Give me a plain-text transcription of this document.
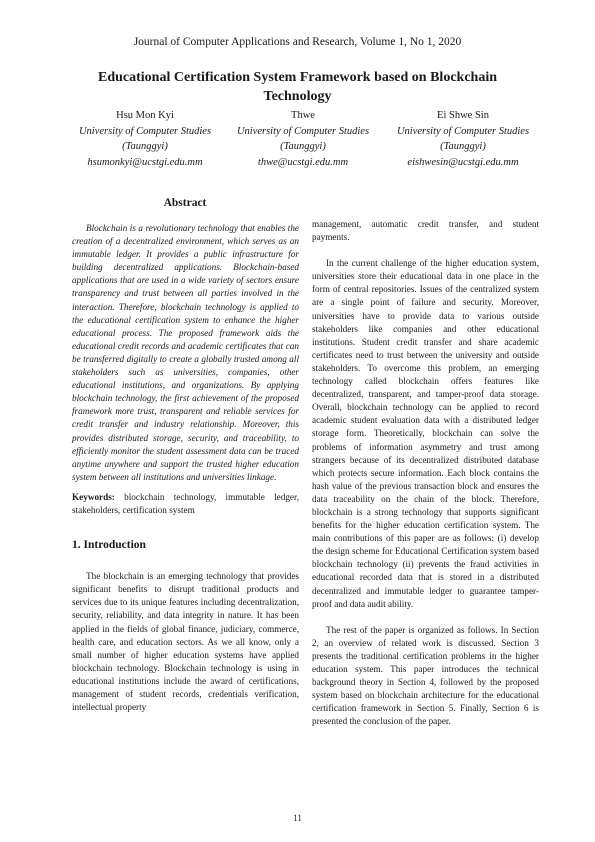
Journal of Computer Applications and Research, Volume 1, No 1, 2020
Educational Certification System Framework based on Blockchain Technology
Hsu Mon Kyi
University of Computer Studies
(Taunggyi)
hsumonkyi@ucstgi.edu.mm
Thwe
University of Computer Studies
(Taunggyi)
thwe@ucstgi.edu.mm
Ei Shwe Sin
University of Computer Studies
(Taunggyi)
eishwesin@ucstgi.edu.mm
Abstract

Blockchain is a revolutionary technology that enables the creation of a decentralized environment, which serves as an immutable ledger. It provides a public infrastructure for building decentralized applications. Blockchain-based applications that are used in a wide variety of sectors ensure transparency and trust between all parties involved in the interaction. Therefore, blockchain technology is applied to the educational certification system to enhance the higher educational process. The proposed framework aids the educational credit records and academic certificates that can be transferred digitally to create a globally trusted among all stakeholders such as universities, companies, other educational institutions, and organizations. By applying blockchain technology, the first achievement of the proposed framework more trust, transparent and reliable services for credit transfer and industry relationship. Moreover, this provides distributed storage, security, and traceability, to efficiently monitor the student assessment data can be traced anytime anywhere and support the trusted higher education system between all institutions and universities linkage.

Keywords: blockchain technology, immutable ledger, stakeholders, certification system

1. Introduction

The blockchain is an emerging technology that provides significant benefits to disrupt traditional products and services due to its unique features including decentralization, security, reliability, and data integrity in nature. It has been applied in the fields of global finance, judiciary, commerce, health care, and education sectors. As we all know, only a small number of higher education systems have applied blockchain technology. Blockchain technology is using in educational institutions include the award of certifications, management of student records, credentials verification, intellectual property

management, automatic credit transfer, and student payments.

In the current challenge of the higher education system, universities store their educational data in one place in the form of central repositories. Issues of the centralized system are a single point of failure and security. Moreover, universities have to provide data to various outside stakeholders like companies and other educational institutions. Student credit transfer and share academic certificates need to trust between the university and outside stakeholders. To overcome this problem, an emerging technology called blockchain offers features like decentralized, transparent, and tamper-proof data storage. Overall, blockchain technology can be applied to record academic student evaluation data with a distributed ledger storage form. Theoretically, blockchain can solve the problems of information asymmetry and trust among strangers because of its decentralized distributed database which protects secure information. Each block contains the hash value of the previous transaction block and ensures the data traceability on the chain of the block. Therefore, blockchain is a strong technology that supports significant benefits for the higher education certification system. The main contributions of this paper are as follows: (i) develop the design scheme for Educational Certification system based blockchain technology (ii) prevents the fraud activities in educational recorded data that is stored in a distributed decentralized and immutable ledger to guarantee tamper-proof and data audit ability.

The rest of the paper is organized as follows. In Section 2, an overview of related work is discussed. Section 3 presents the traditional certification problems in the higher education system. This paper introduces the technical background theory in Section 4, followed by the proposed system based on blockchain architecture for the educational certification framework in Section 5. Finally, Section 6 is presented the conclusion of the paper.

11
